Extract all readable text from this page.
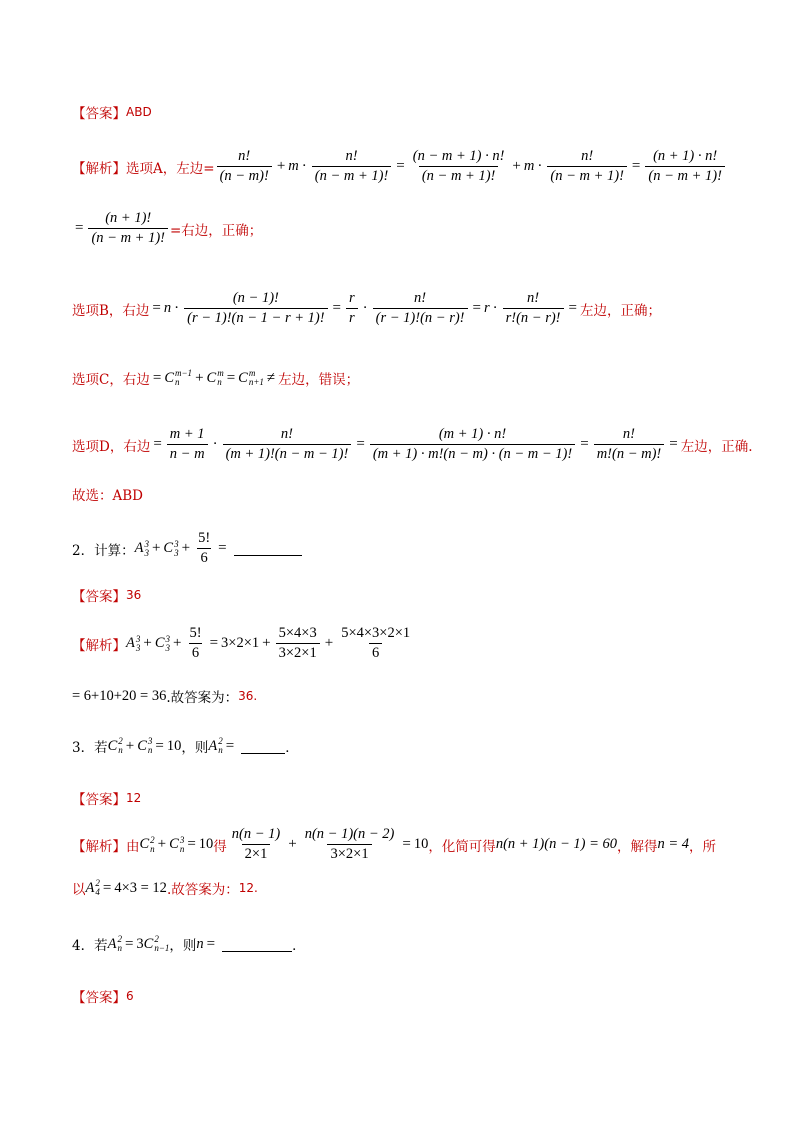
【答案】 ABD
【解析】 选项A，左边= $\frac{n!}{(n - m)!} + m \cdot \frac{n!}{(n - m + 1)!} = \frac{(n - m + 1) \cdot n!}{(n - m + 1)!} + m \cdot \frac{n!}{(n - m + 1)!} = \frac{(n + 1) \cdot n!}{(n - m + 1)!}$
= $\frac{(n + 1)!}{(n - m + 1)!}$ =右边，正确；
选项B，右边 = $n \cdot \frac{(n - 1)!}{(r - 1)!(n - 1 - r + 1)!} = \frac{r}{r} \cdot \frac{n!}{(r - 1)!(n - r)!} = r \cdot \frac{n!}{r!(n - r)!}$ = 左边，正确；
选项C，右边 = C m−1
n	+ C m
n = C m
n+1 ≠ 左边，错误；
选项D，右边 = $\frac{m + 1}{n - m} \cdot \frac{n!}{(m + 1)!(n - m - 1)!} = \frac{(m + 1) \cdot n!}{(m + 1) \cdot m!(n - m) \cdot (n - m - 1)!} = \frac{n!}{m!(n - m)!}$ = 左边，正确.
故选：ABD
2． 计算： A 3
3 + C 3
$3 + \frac{5!}{6}$ =
【答案】 36
【解析】 A 3
3 + C 3
$3 + \frac{5!}{6} = 3\times 2\times 1 + \frac{5\times 4\times 3}{3\times 2\times 1} + \frac{5\times 4\times 3\times 2\times 1}{6}$
= 6+10+20 = 36 .故答案为： 36.
3． 若 C 2
n + C 3
n = 10 ，则 A 2
n =	．
【答案】 12
【解析】 由 C 2
n + C 3
n = 10 得 $\frac{n(n - 1)}{2\times 1} + \frac{n(n - 1)(n - 2)}{3\times 2\times 1} = 10$ ，化简可得 n(n + 1)(n − 1) = 60 ，解得 n = 4 ，所
以 A 2
4 = 4×3 = 12 .故答案为： 12.
4． 若 A 2
n = 3 C 2
n−1 ，则 n =	．
【答案】 6
